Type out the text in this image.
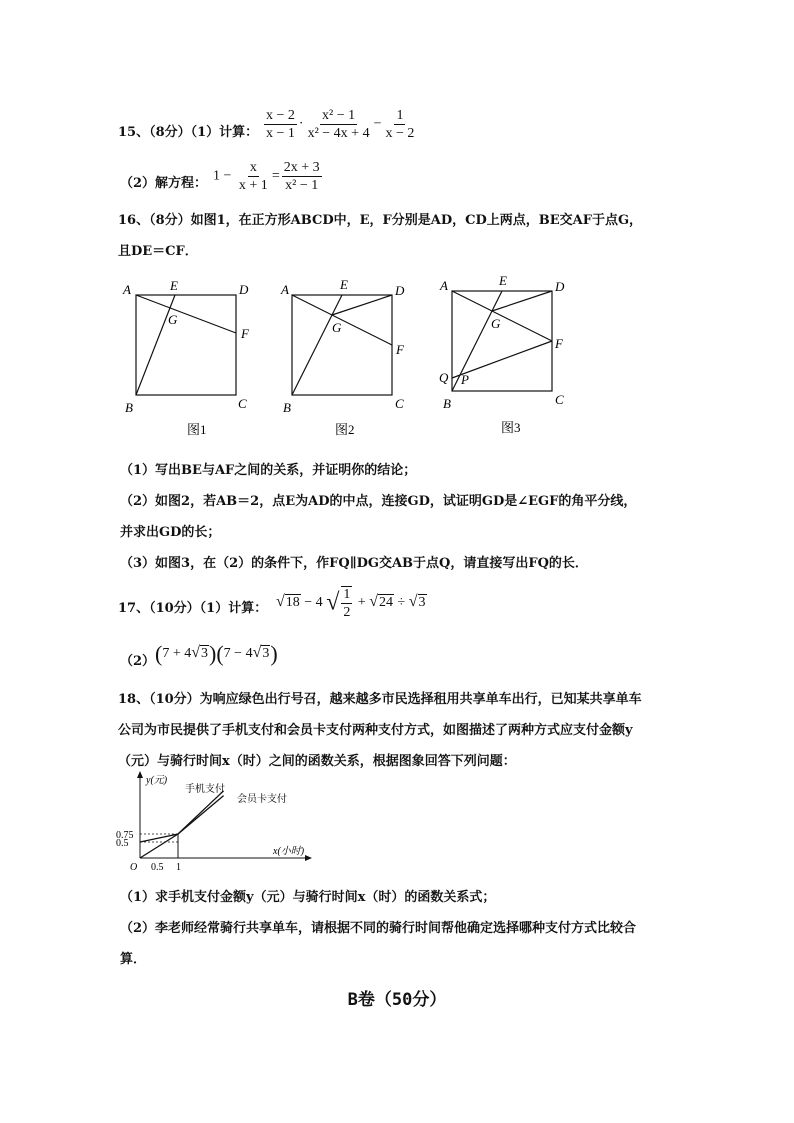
15、（8分）（1）计算： $\frac{x - 2}{x - 1} \cdot \frac{\text{x² − 1}}{\text{x² − 4x + 4}} - \frac{1}{x - 2}$
（2）解方程： $1 - \frac{x}{x + 1} = \frac{2x + 3}{\text{x² − 1}}$
16、（8分）如图1，在正方形ABCD中，E，F分别是AD，CD上两点，BE交AF于点G，
且DE＝CF．
A	E	D
G
F
B	C
图1
A	E	D
G
F
B	C
图2
A	E	D
G
F
Q P
B	C
图3
（1）写出BE与AF之间的关系，并证明你的结论；
（2）如图2，若AB＝2，点E为AD的中点，连接GD，试证明GD是∠EGF的角平分线，
并求出GD的长；
（3）如图3，在（2）的条件下，作FQ∥DG交AB于点Q，请直接写出FQ的长．
17、（10分）（1）计算： √18 − 4 √ $\frac{1}{2} + √24 \div √3$
（2） (7 + 4√3)(7 − 4√3)
18、（10分）为响应绿色出行号召，越来越多市民选择租用共享单车出行，已知某共享单车
公司为市民提供了手机支付和会员卡支付两种支付方式，如图描述了两种方式应支付金额y
（元）与骑行时间x（时）之间的函数关系，根据图象回答下列问题：
y(元)
x(小时)
O 0.5 1
0.5
0.75
手机支付
会员卡支付
（1）求手机支付金额y（元）与骑行时间x（时）的函数关系式；
（2）李老师经常骑行共享单车，请根据不同的骑行时间帮他确定选择哪种支付方式比较合
算．
B卷（50分）
